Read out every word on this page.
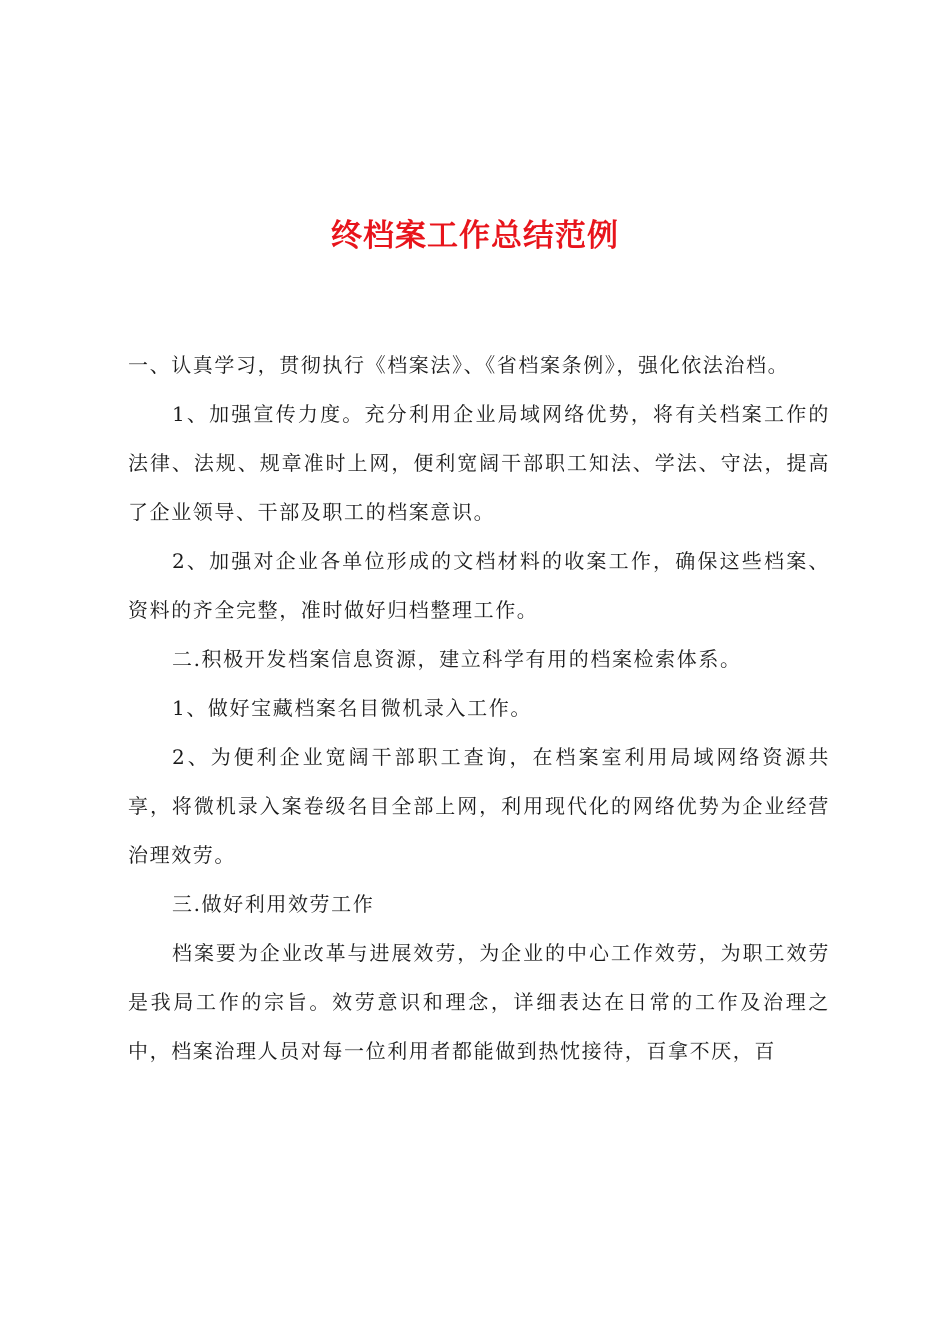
终档案工作总结范例

一、认真学习，贯彻执行《档案法》、《省档案条例》，强化依法治档。

1、加强宣传力度。充分利用企业局域网络优势，将有关档案工作的法律、法规、规章准时上网，便利宽阔干部职工知法、学法、守法，提高了企业领导、干部及职工的档案意识。

2、加强对企业各单位形成的文档材料的收案工作，确保这些档案、资料的齐全完整，准时做好归档整理工作。

二.积极开发档案信息资源，建立科学有用的档案检索体系。

1、做好宝藏档案名目微机录入工作。

2、为便利企业宽阔干部职工查询，在档案室利用局域网络资源共享，将微机录入案卷级名目全部上网，利用现代化的网络优势为企业经营治理效劳。

三.做好利用效劳工作

档案要为企业改革与进展效劳，为企业的中心工作效劳，为职工效劳是我局工作的宗旨。效劳意识和理念，详细表达在日常的工作及治理之中，档案治理人员对每一位利用者都能做到热忱接待，百拿不厌，百
